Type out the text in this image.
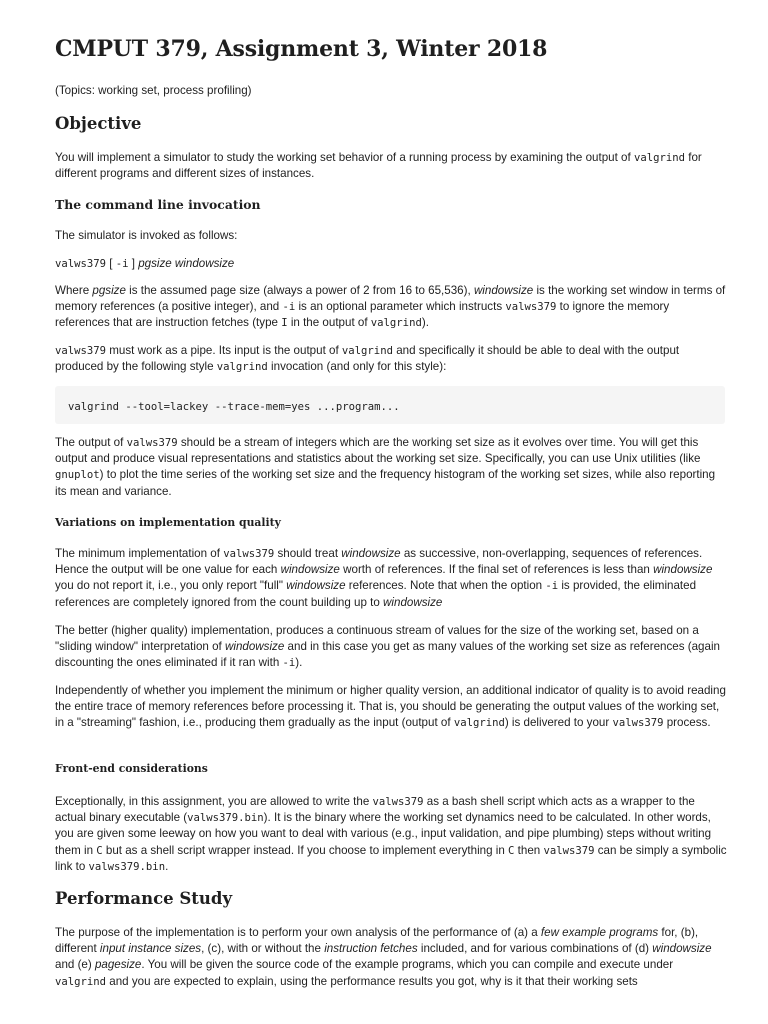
CMPUT 379, Assignment 3, Winter 2018

(Topics: working set, process profiling)

Objective

You will implement a simulator to study the working set behavior of a running process by examining the output of valgrind for different programs and different sizes of instances.

The command line invocation

The simulator is invoked as follows:

valws379 [ -i ] pgsize windowsize

Where pgsize is the assumed page size (always a power of 2 from 16 to 65,536), windowsize is the working set window in terms of memory references (a positive integer), and -i is an optional parameter which instructs valws379 to ignore the memory references that are instruction fetches (type I in the output of valgrind).

valws379 must work as a pipe. Its input is the output of valgrind and specifically it should be able to deal with the output produced by the following style valgrind invocation (and only for this style):

valgrind --tool=lackey --trace-mem=yes ...program...

The output of valws379 should be a stream of integers which are the working set size as it evolves over time. You will get this output and produce visual representations and statistics about the working set size. Specifically, you can use Unix utilities (like gnuplot) to plot the time series of the working set size and the frequency histogram of the working set sizes, while also reporting its mean and variance.

Variations on implementation quality

The minimum implementation of valws379 should treat windowsize as successive, non-overlapping, sequences of references. Hence the output will be one value for each windowsize worth of references. If the final set of references is less than windowsize you do not report it, i.e., you only report "full" windowsize references. Note that when the option -i is provided, the eliminated references are completely ignored from the count building up to windowsize

The better (higher quality) implementation, produces a continuous stream of values for the size of the working set, based on a "sliding window" interpretation of windowsize and in this case you get as many values of the working set size as references (again discounting the ones eliminated if it ran with -i).

Independently of whether you implement the minimum or higher quality version, an additional indicator of quality is to avoid reading the entire trace of memory references before processing it. That is, you should be generating the output values of the working set, in a "streaming" fashion, i.e., producing them gradually as the input (output of valgrind) is delivered to your valws379 process.

Front-end considerations

Exceptionally, in this assignment, you are allowed to write the valws379 as a bash shell script which acts as a wrapper to the actual binary executable (valws379.bin). It is the binary where the working set dynamics need to be calculated. In other words, you are given some leeway on how you want to deal with various (e.g., input validation, and pipe plumbing) steps without writing them in C but as a shell script wrapper instead. If you choose to implement everything in C then valws379 can be simply a symbolic link to valws379.bin.

Performance Study

The purpose of the implementation is to perform your own analysis of the performance of (a) a few example programs for, (b), different input instance sizes, (c), with or without the instruction fetches included, and for various combinations of (d) windowsize and (e) pagesize. You will be given the source code of the example programs, which you can compile and execute under valgrind and you are expected to explain, using the performance results you got, why is it that their working sets
